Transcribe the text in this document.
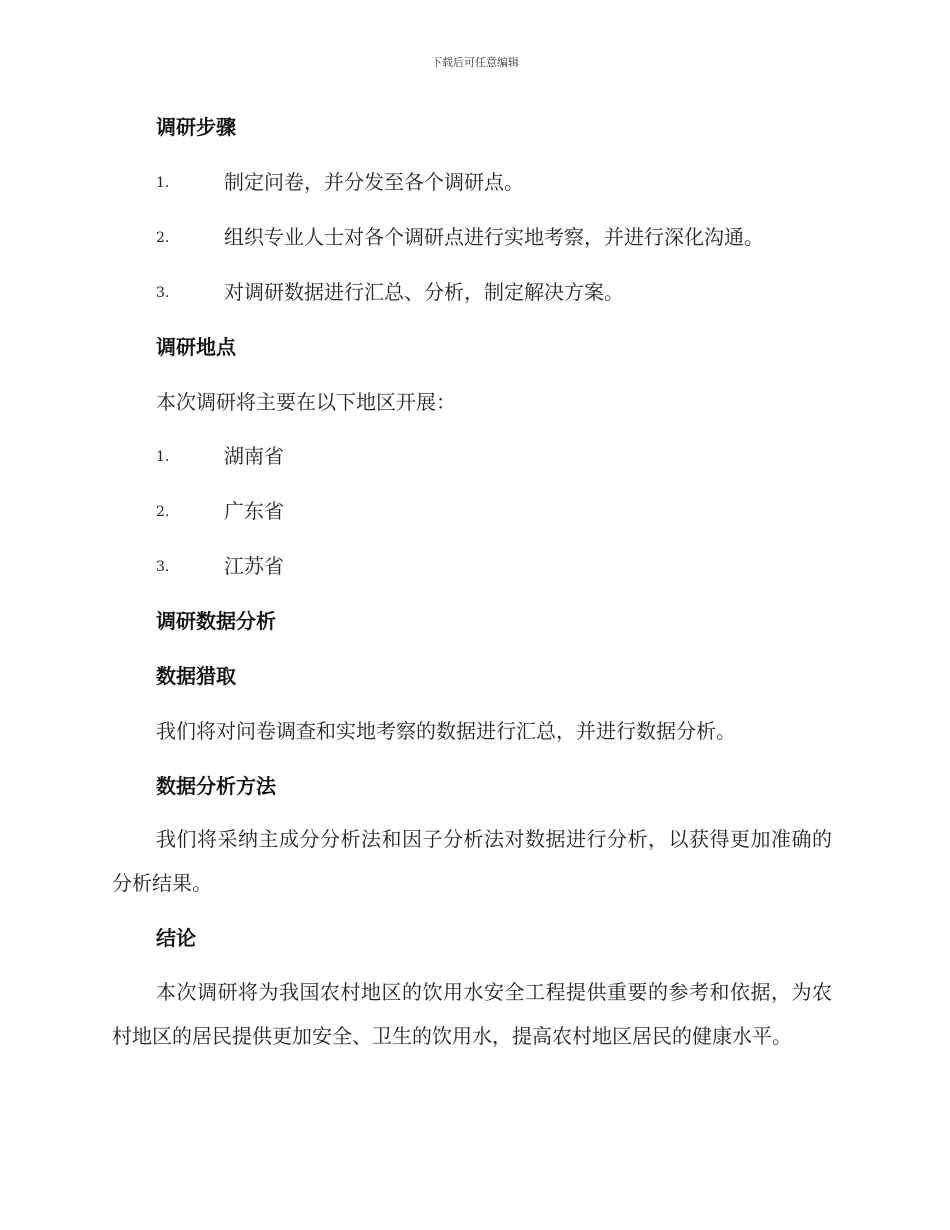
下载后可任意编辑
调研步骤
1.	制定问卷，并分发至各个调研点。
2.	组织专业人士对各个调研点进行实地考察，并进行深化沟通。
3.	对调研数据进行汇总、分析，制定解决方案。
调研地点
本次调研将主要在以下地区开展：
1.	湖南省
2.	广东省
3.	江苏省
调研数据分析
数据猎取
我们将对问卷调查和实地考察的数据进行汇总，并进行数据分析。
数据分析方法
我们将采纳主成分分析法和因子分析法对数据进行分析，以获得更加准确的分析结果。
结论
本次调研将为我国农村地区的饮用水安全工程提供重要的参考和依据，为农村地区的居民提供更加安全、卫生的饮用水，提高农村地区居民的健康水平。
